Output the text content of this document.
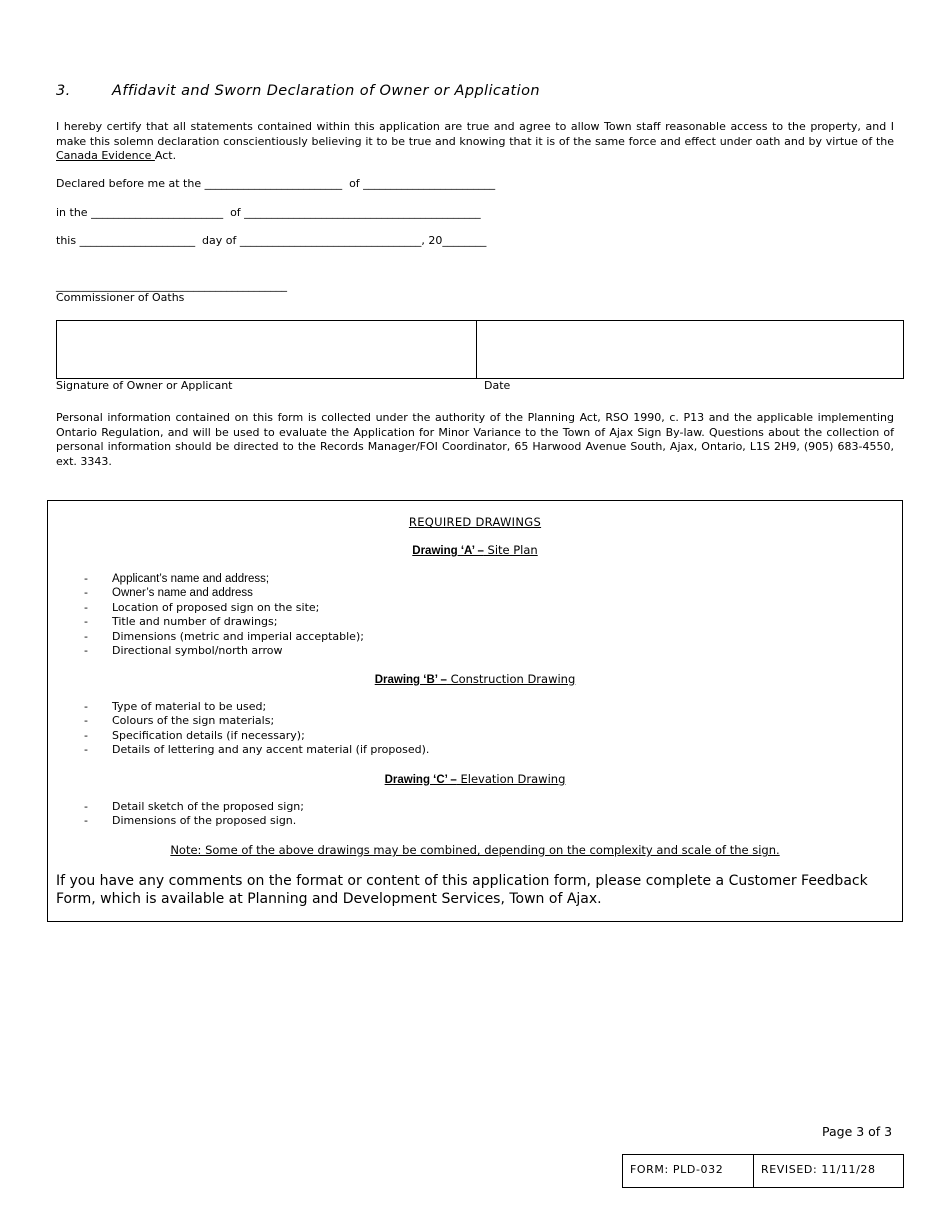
3.	Affidavit and Sworn Declaration of Owner or Application
I hereby certify that all statements contained within this application are true and agree to allow Town staff reasonable access to the property, and I make this solemn declaration conscientiously believing it to be true and knowing that it is of the same force and effect under oath and by virtue of the Canada Evidence Act.
Declared before me at the _________________________  of ________________________
in the ________________________  of ___________________________________________
this _____________________  day of _________________________________, 20________
__________________________________________
Commissioner of Oaths
Signature of Owner or Applicant	Date
Personal information contained on this form is collected under the authority of the Planning Act, RSO 1990, c. P13 and the applicable implementing Ontario Regulation, and will be used to evaluate the Application for Minor Variance to the Town of Ajax Sign By-law. Questions about the collection of personal information should be directed to the Records Manager/FOI Coordinator, 65 Harwood Avenue South, Ajax, Ontario, L1S 2H9, (905) 683-4550, ext. 3343.
REQUIRED DRAWINGS
Drawing ‘A’ – Site Plan
- Applicant’s name and address;
- Owner’s name and address
- Location of proposed sign on the site;
- Title and number of drawings;
- Dimensions (metric and imperial acceptable);
- Directional symbol/north arrow
Drawing ‘B’ – Construction Drawing
- Type of material to be used;
- Colours of the sign materials;
- Specification details (if necessary);
- Details of lettering and any accent material (if proposed).
Drawing ‘C’ – Elevation Drawing
- Detail sketch of the proposed sign;
- Dimensions of the proposed sign.
Note: Some of the above drawings may be combined, depending on the complexity and scale of the sign.
If you have any comments on the format or content of this application form, please complete a Customer Feedback Form, which is available at Planning and Development Services, Town of Ajax.
Page 3 of 3
FORM: PLD-032	REVISED: 11/11/28
